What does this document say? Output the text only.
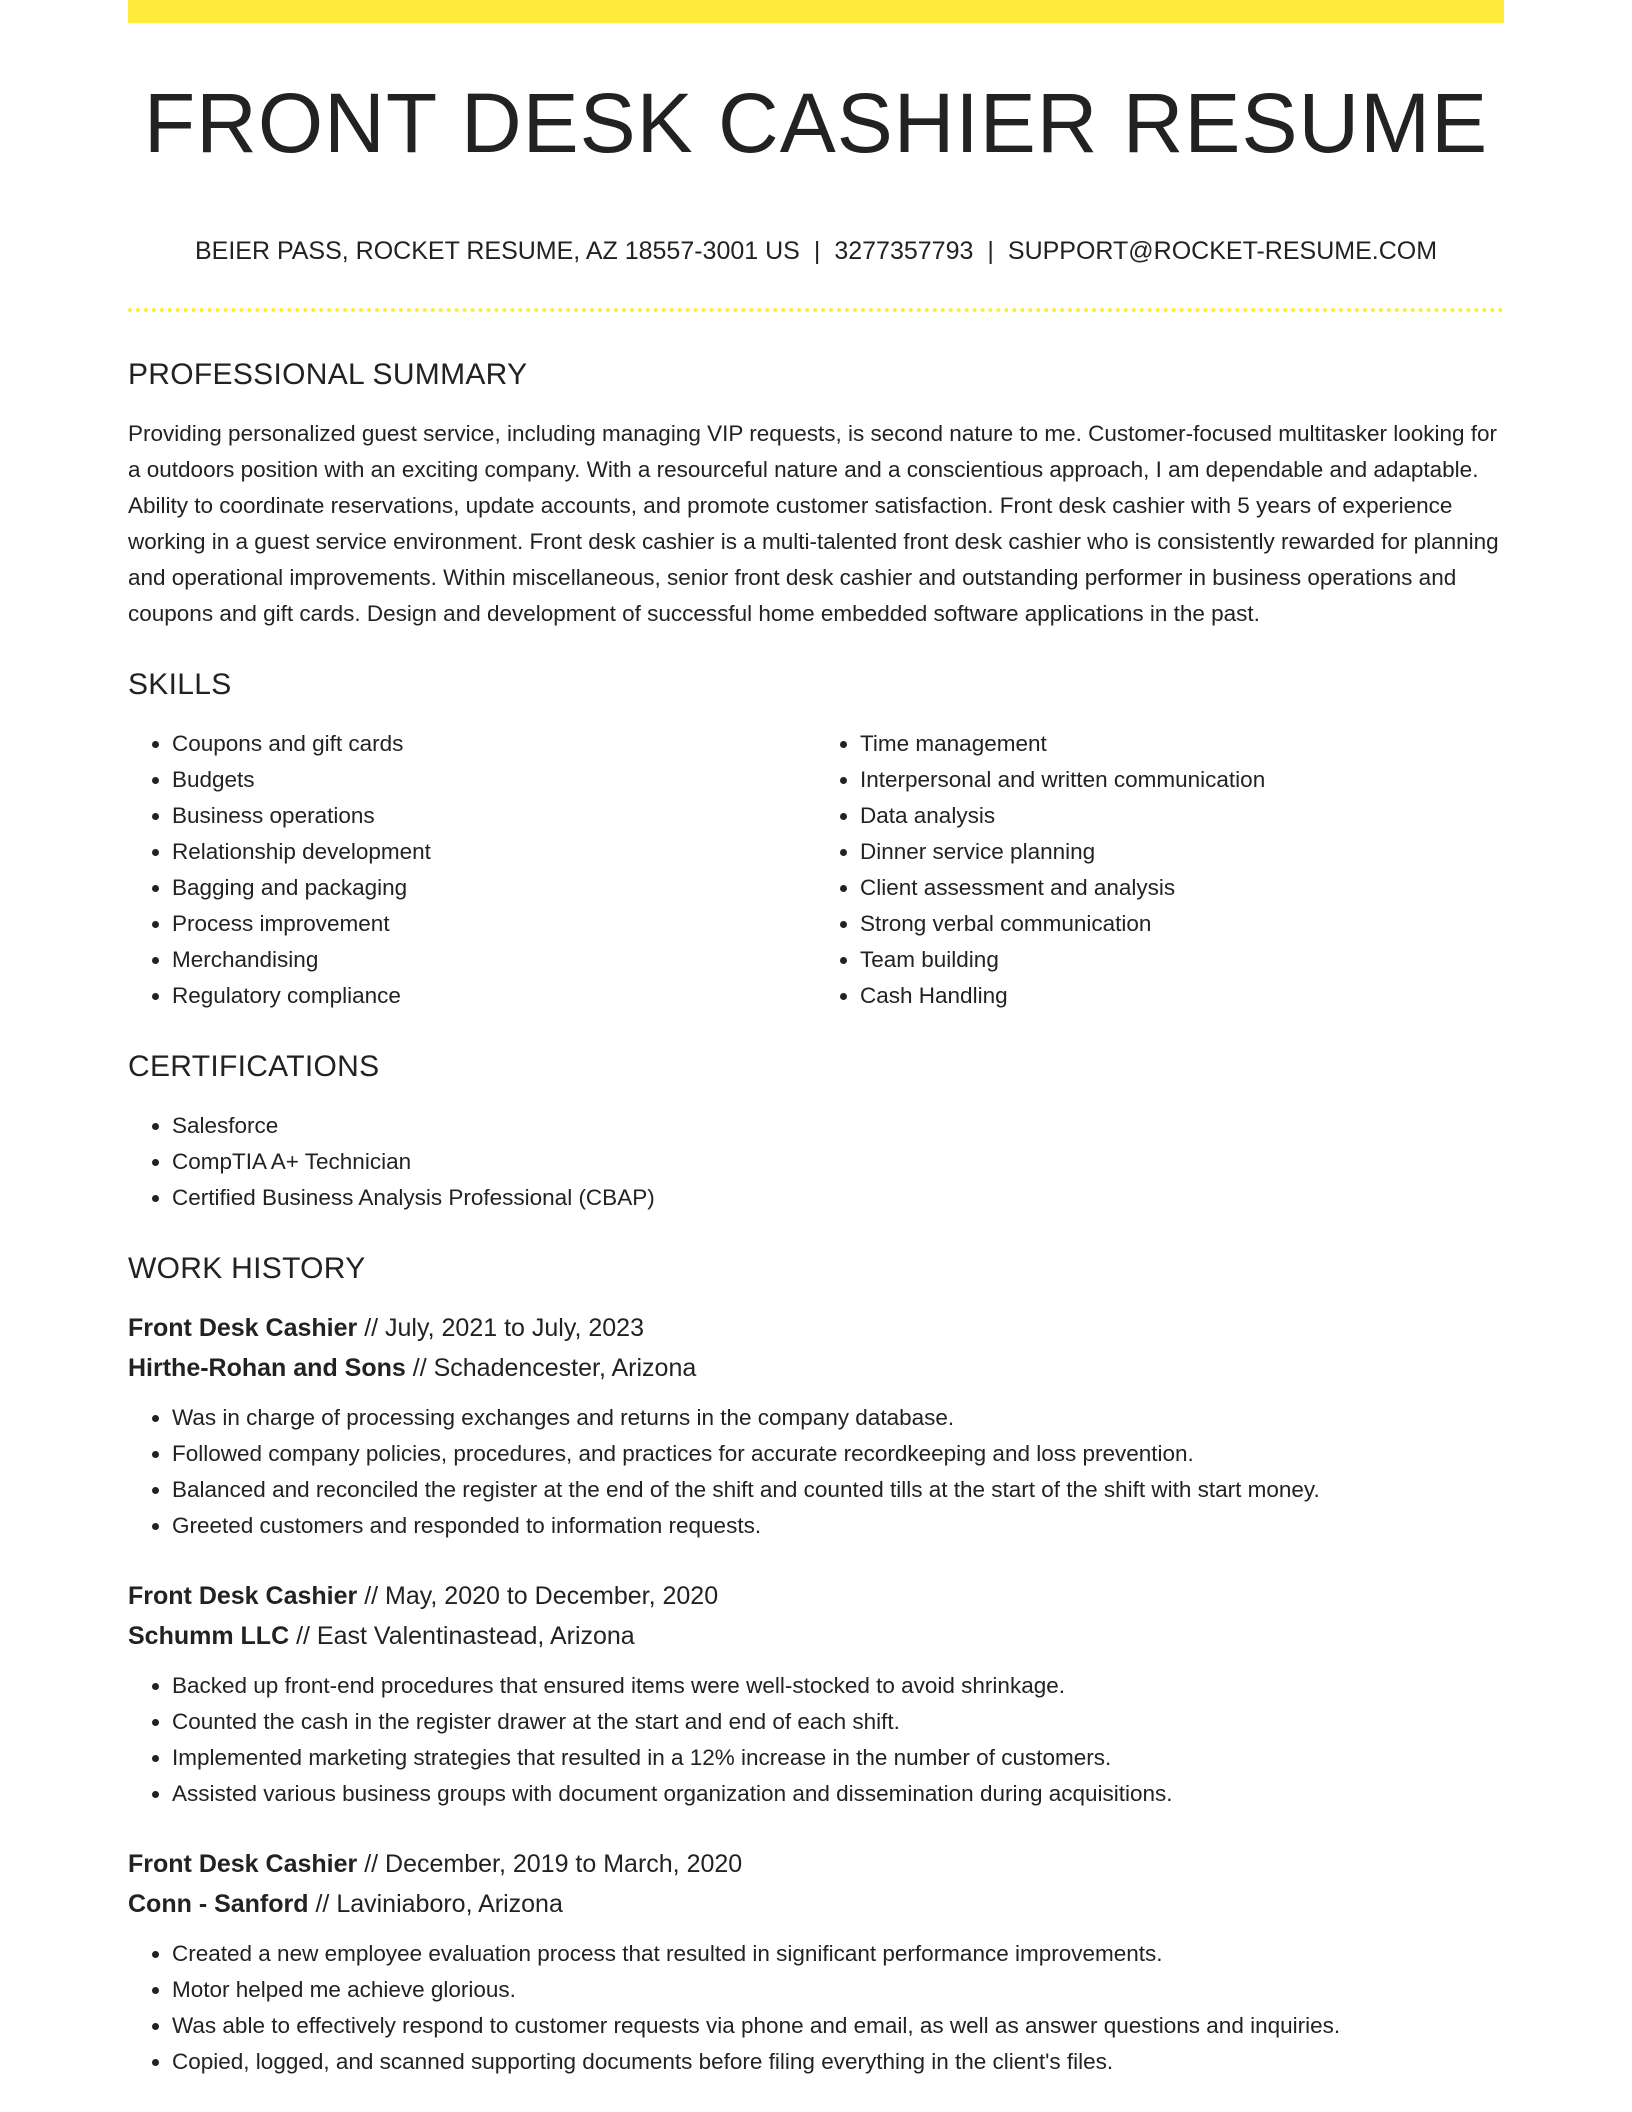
FRONT DESK CASHIER RESUME
BEIER PASS, ROCKET RESUME, AZ 18557-3001 US | 3277357793 | SUPPORT@ROCKET-RESUME.COM
PROFESSIONAL SUMMARY

Providing personalized guest service, including managing VIP requests, is second nature to me. Customer-focused multitasker looking for a outdoors position with an exciting company. With a resourceful nature and a conscientious approach, I am dependable and adaptable. Ability to coordinate reservations, update accounts, and promote customer satisfaction. Front desk cashier with 5 years of experience working in a guest service environment. Front desk cashier is a multi-talented front desk cashier who is consistently rewarded for planning and operational improvements. Within miscellaneous, senior front desk cashier and outstanding performer in business operations and coupons and gift cards. Design and development of successful home embedded software applications in the past.

SKILLS
• Coupons and gift cards
• Budgets
• Business operations
• Relationship development
• Bagging and packaging
• Process improvement
• Merchandising
• Regulatory compliance
• Time management
• Interpersonal and written communication
• Data analysis
• Dinner service planning
• Client assessment and analysis
• Strong verbal communication
• Team building
• Cash Handling
CERTIFICATIONS
• Salesforce
• CompTIA A+ Technician
• Certified Business Analysis Professional (CBAP)
WORK HISTORY
Front Desk Cashier // July, 2021 to July, 2023
Hirthe-Rohan and Sons // Schadencester, Arizona
• Was in charge of processing exchanges and returns in the company database.
• Followed company policies, procedures, and practices for accurate recordkeeping and loss prevention.
• Balanced and reconciled the register at the end of the shift and counted tills at the start of the shift with start money.
• Greeted customers and responded to information requests.
Front Desk Cashier // May, 2020 to December, 2020
Schumm LLC // East Valentinastead, Arizona
• Backed up front-end procedures that ensured items were well-stocked to avoid shrinkage.
• Counted the cash in the register drawer at the start and end of each shift.
• Implemented marketing strategies that resulted in a 12% increase in the number of customers.
• Assisted various business groups with document organization and dissemination during acquisitions.
Front Desk Cashier // December, 2019 to March, 2020
Conn - Sanford // Laviniaboro, Arizona
• Created a new employee evaluation process that resulted in significant performance improvements.
• Motor helped me achieve glorious.
• Was able to effectively respond to customer requests via phone and email, as well as answer questions and inquiries.
• Copied, logged, and scanned supporting documents before filing everything in the client's files.
